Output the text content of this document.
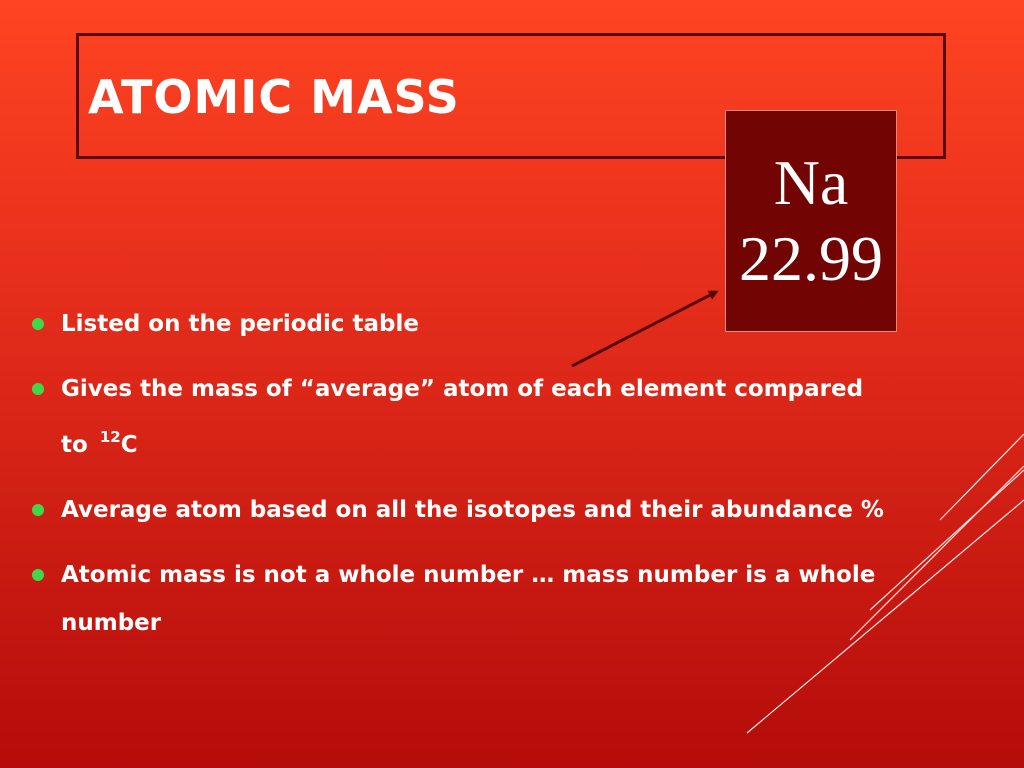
ATOMIC MASS
Na
22.99
Listed on the periodic table
Gives the mass of “average” atom of each element compared to $^{12}$C
Average atom based on all the isotopes and their abundance %
Atomic mass is not a whole number … mass number is a whole number
